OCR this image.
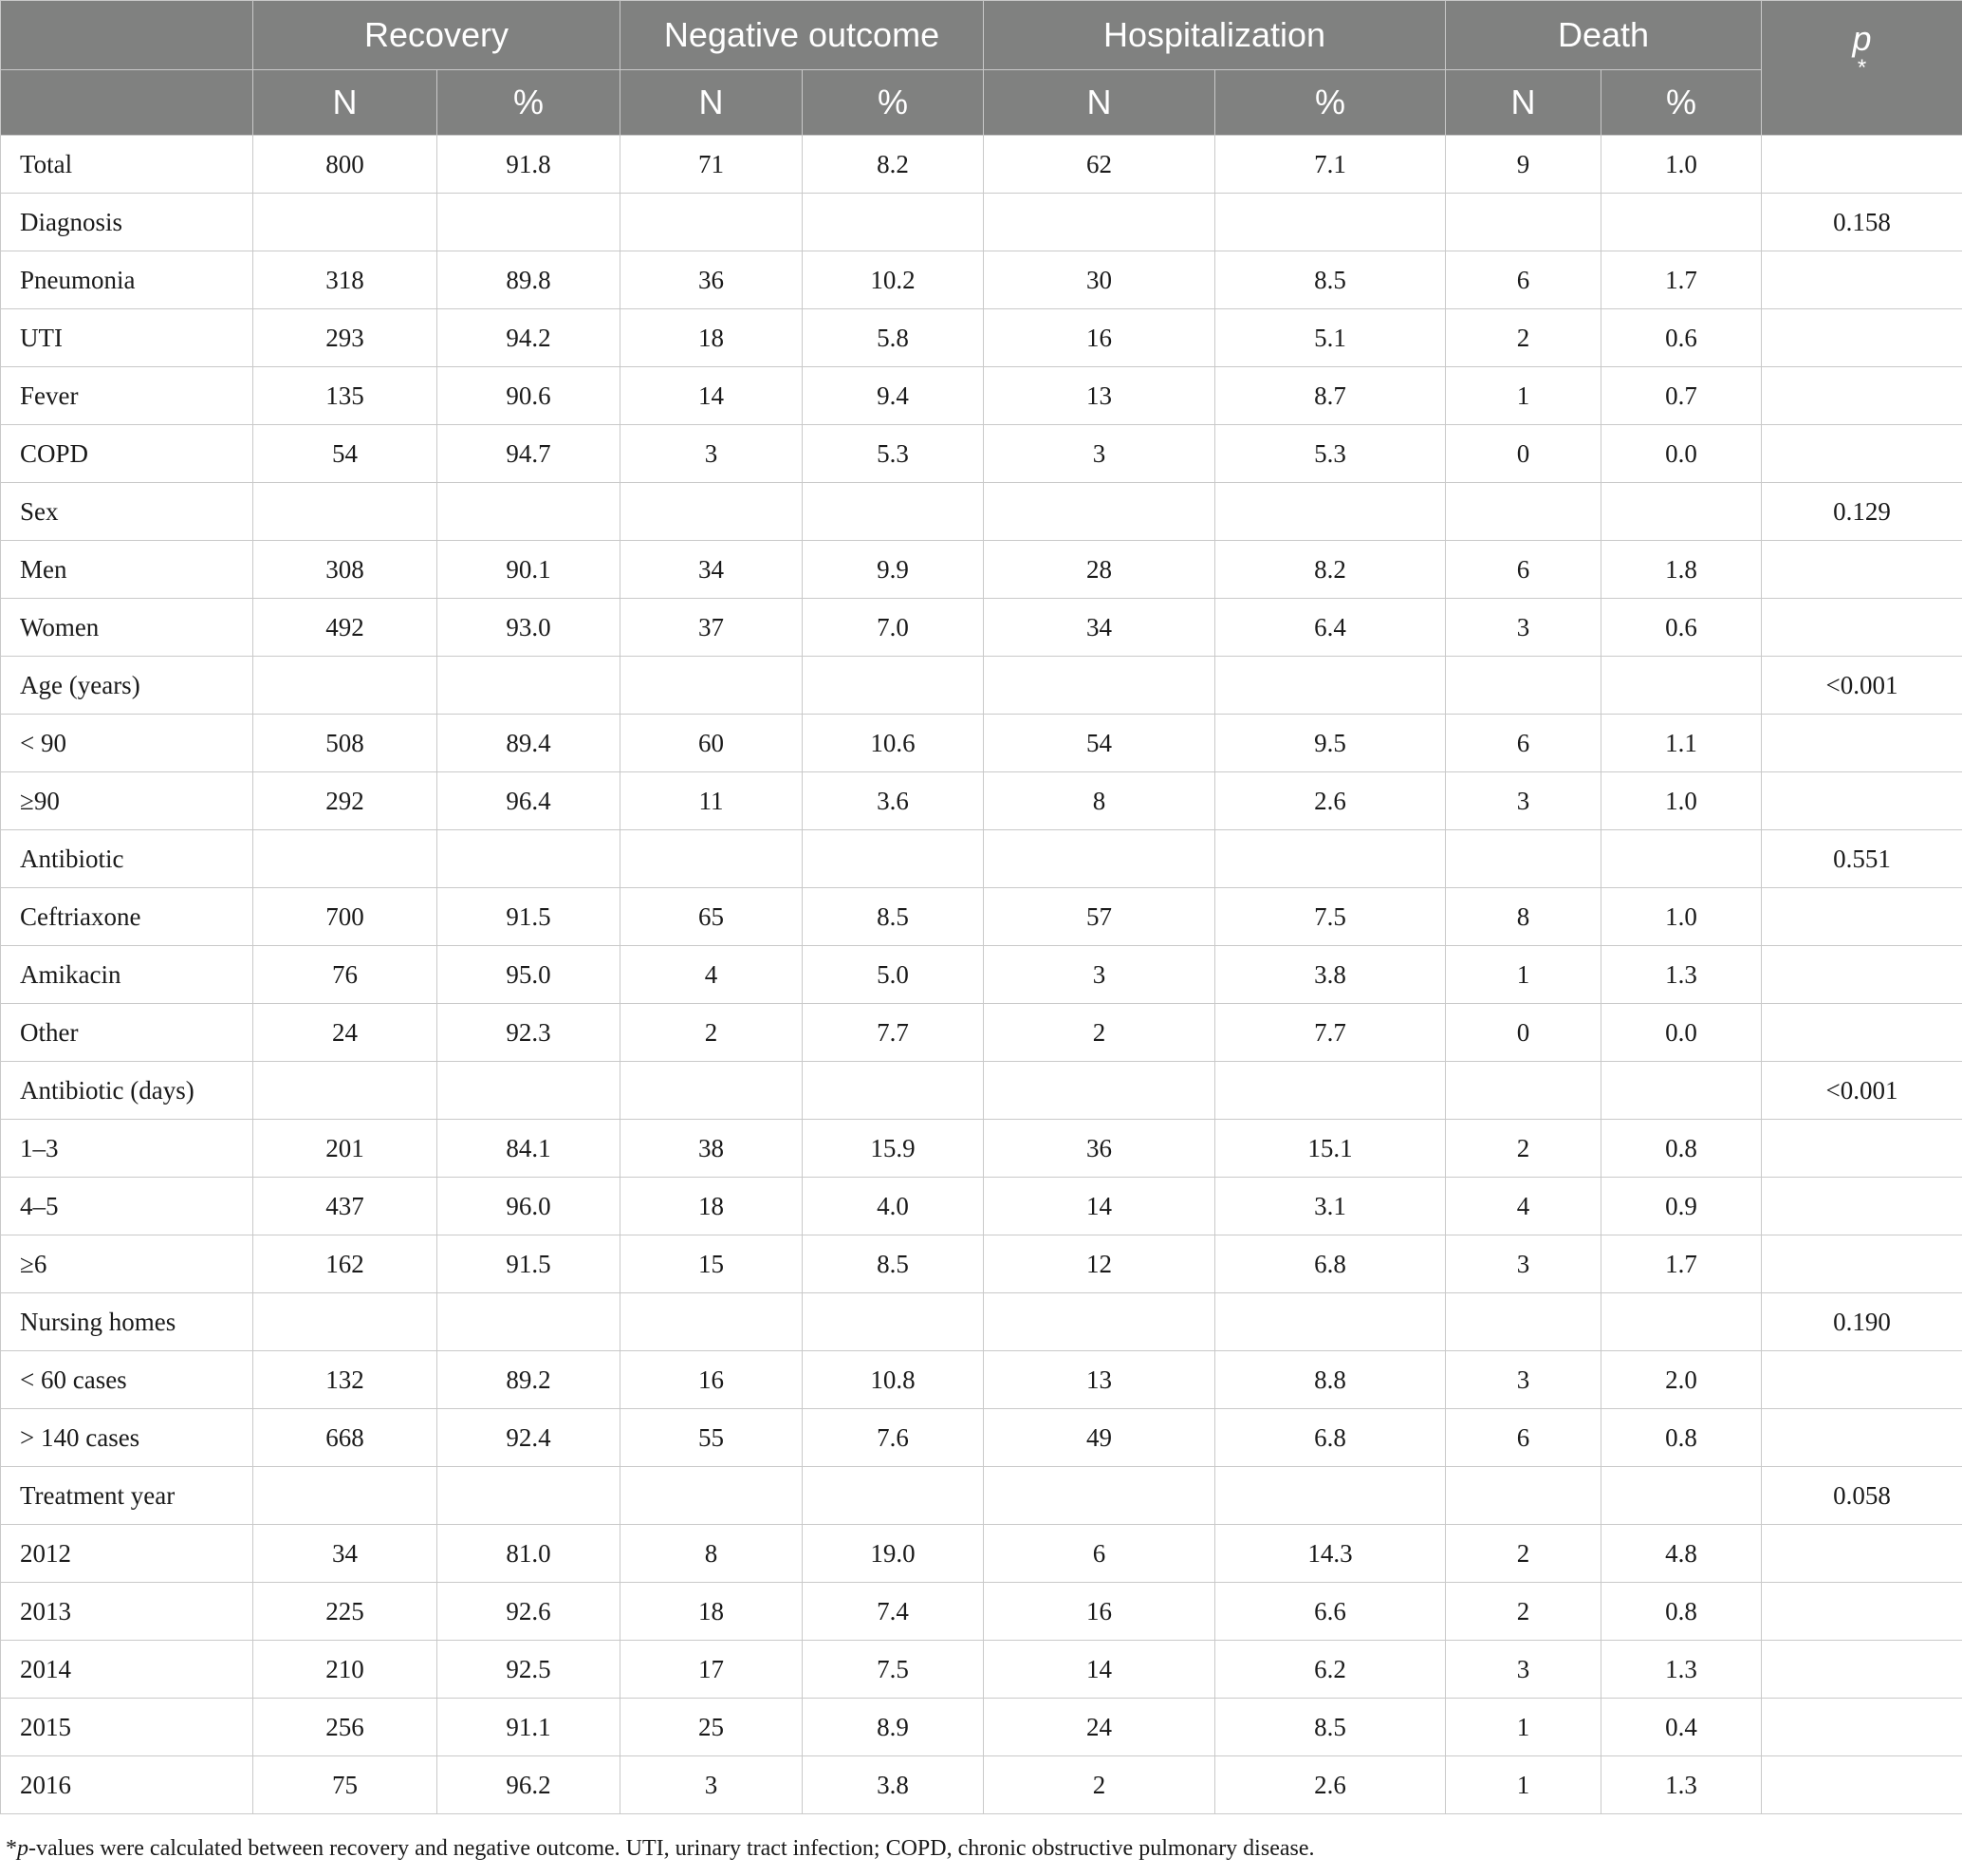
	Recovery		Negative outcome		Hospitalization		Death		p
*

	N	%	N	%	N	%	N	%	
Total	800	91.8	71	8.2	62	7.1	9	1.0	
Diagnosis									0.158
Pneumonia	318	89.8	36	10.2	30	8.5	6	1.7	
UTI	293	94.2	18	5.8	16	5.1	2	0.6	
Fever	135	90.6	14	9.4	13	8.7	1	0.7	
COPD	54	94.7	3	5.3	3	5.3	0	0.0	
Sex									0.129
Men	308	90.1	34	9.9	28	8.2	6	1.8	
Women	492	93.0	37	7.0	34	6.4	3	0.6	
Age (years)									<0.001
< 90	508	89.4	60	10.6	54	9.5	6	1.1	
≥90	292	96.4	11	3.6	8	2.6	3	1.0	
Antibiotic									0.551
Ceftriaxone	700	91.5	65	8.5	57	7.5	8	1.0	
Amikacin	76	95.0	4	5.0	3	3.8	1	1.3	
Other	24	92.3	2	7.7	2	7.7	0	0.0	
Antibiotic (days)									<0.001
1–3	201	84.1	38	15.9	36	15.1	2	0.8	
4–5	437	96.0	18	4.0	14	3.1	4	0.9	
≥6	162	91.5	15	8.5	12	6.8	3	1.7	
Nursing homes									0.190
< 60 cases	132	89.2	16	10.8	13	8.8	3	2.0	
> 140 cases	668	92.4	55	7.6	49	6.8	6	0.8	
Treatment year									0.058
2012	34	81.0	8	19.0	6	14.3	2	4.8	
2013	225	92.6	18	7.4	16	6.6	2	0.8	
2014	210	92.5	17	7.5	14	6.2	3	1.3	
2015	256	91.1	25	8.9	24	8.5	1	0.4	
2016	75	96.2	3	3.8	2	2.6	1	1.3	
*p-values were calculated between recovery and negative outcome. UTI, urinary tract infection; COPD, chronic obstructive pulmonary disease.
